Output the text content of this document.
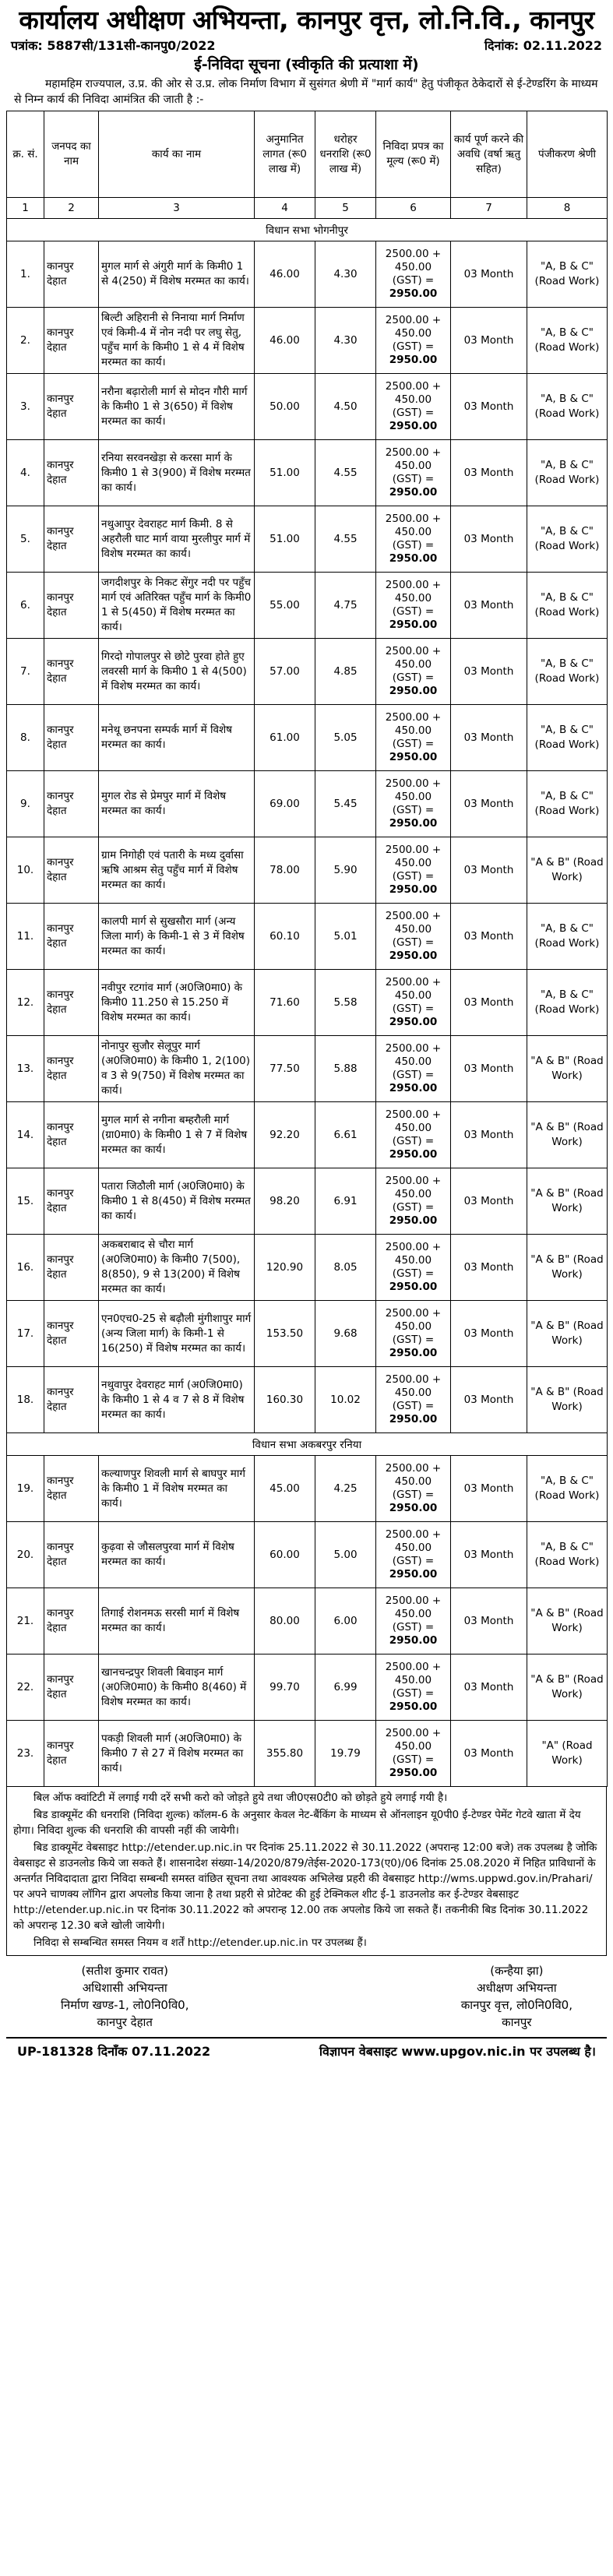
कार्यालय अधीक्षण अभियन्ता, कानपुर वृत्त, लो.नि.वि., कानपुर
पत्रांक: 5887सी/131सी-कानपु0/2022	दिनांक: 02.11.2022
ई-निविदा सूचना (स्वीकृति की प्रत्याशा में)
महामहिम राज्यपाल, उ.प्र. की ओर से उ.प्र. लोक निर्माण विभाग में सुसंगत श्रेणी में "मार्ग कार्य" हेतु पंजीकृत ठेकेदारों से ई-टेण्डरिंग के माध्यम से निम्न कार्य की निविदा आमंत्रित की जाती है :-
क्र. सं.	जनपद का नाम	कार्य का नाम	अनुमानित लागत (रू0 लाख में)	धरोहर धनराशि (रू0 लाख में)	निविदा प्रपत्र का मूल्य (रू0 में)	कार्य पूर्ण करने की अवधि (वर्षा ऋतु सहित)	पंजीकरण श्रेणी
1	2	3	4	5	6	7	8
विधान सभा भोगनीपुर							
1.	कानपुर देहात	मुगल मार्ग से अंगुरी मार्ग के किमी0 1 से 4(250) में विशेष मरम्मत का कार्य।	46.00	4.30	2500.00 +
450.00 (GST) =
2950.00	03 Month	"A, B & C" (Road Work)
2.	कानपुर देहात	बिल्टी अहिरानी से निनाया मार्ग निर्माण एवं किमी-4 में नोन नदी पर लघु सेतु, पहुँच मार्ग के किमी0 1 से 4 में विशेष मरम्मत का कार्य।	46.00	4.30	2500.00 +
450.00 (GST) =
2950.00	03 Month	"A, B & C" (Road Work)
3.	कानपुर देहात	नरौना बढ़ारोली मार्ग से मोदन गौरी मार्ग के किमी0 1 से 3(650) में विशेष मरम्मत का कार्य।	50.00	4.50	2500.00 +
450.00 (GST) =
2950.00	03 Month	"A, B & C" (Road Work)
4.	कानपुर देहात	रनिया सरवनखेड़ा से करसा मार्ग के किमी0 1 से 3(900) में विशेष मरम्मत का कार्य।	51.00	4.55	2500.00 +
450.00 (GST) =
2950.00	03 Month	"A, B & C" (Road Work)
5.	कानपुर देहात	नथुआपुर देवराहट मार्ग किमी. 8 से अहरौली घाट मार्ग वाया मुरलीपुर मार्ग में विशेष मरम्मत का कार्य।	51.00	4.55	2500.00 +
450.00 (GST) =
2950.00	03 Month	"A, B & C" (Road Work)
6.	कानपुर देहात	जगदीशपुर के निकट सेंगुर नदी पर पहुँच मार्ग एवं अतिरिक्त पहुँच मार्ग के किमी0 1 से 5(450) में विशेष मरम्मत का कार्य।	55.00	4.75	2500.00 +
450.00 (GST) =
2950.00	03 Month	"A, B & C" (Road Work)
7.	कानपुर देहात	गिरदो गोपालपुर से छोटे पुरवा होते हुए लवरसी मार्ग के किमी0 1 से 4(500) में विशेष मरम्मत का कार्य।	57.00	4.85	2500.00 +
450.00 (GST) =
2950.00	03 Month	"A, B & C" (Road Work)
8.	कानपुर देहात	मनेथू छनपना सम्पर्क मार्ग में विशेष मरम्मत का कार्य।	61.00	5.05	2500.00 +
450.00 (GST) =
2950.00	03 Month	"A, B & C" (Road Work)
9.	कानपुर देहात	मुगल रोड से प्रेमपुर मार्ग में विशेष मरम्मत का कार्य।	69.00	5.45	2500.00 +
450.00 (GST) =
2950.00	03 Month	"A, B & C" (Road Work)
10.	कानपुर देहात	ग्राम निगोही एवं पतारी के मध्य दुर्वासा ऋषि आश्रम सेतु पहुँच मार्ग में विशेष मरम्मत का कार्य।	78.00	5.90	2500.00 +
450.00 (GST) =
2950.00	03 Month	"A & B" (Road Work)
11.	कानपुर देहात	कालपी मार्ग से सुखसौरा मार्ग (अन्य जिला मार्ग) के किमी-1 से 3 में विशेष मरम्मत का कार्य।	60.10	5.01	2500.00 +
450.00 (GST) =
2950.00	03 Month	"A, B & C" (Road Work)
12.	कानपुर देहात	नवीपुर रटगांव मार्ग (अ0जि0मा0) के किमी0 11.250 से 15.250 में विशेष मरम्मत का कार्य।	71.60	5.58	2500.00 +
450.00 (GST) =
2950.00	03 Month	"A, B & C" (Road Work)
13.	कानपुर देहात	नोनापुर सुजौर सेलूपुर मार्ग (अ0जि0मा0) के किमी0 1, 2(100) व 3 से 9(750) में विशेष मरम्मत का कार्य।	77.50	5.88	2500.00 +
450.00 (GST) =
2950.00	03 Month	"A & B" (Road Work)
14.	कानपुर देहात	मुगल मार्ग से नगीना बम्हरौली मार्ग (ग्रा0मा0) के किमी0 1 से 7 में विशेष मरम्मत का कार्य।	92.20	6.61	2500.00 +
450.00 (GST) =
2950.00	03 Month	"A & B" (Road Work)
15.	कानपुर देहात	पतारा जिठौली मार्ग (अ0जि0मा0) के किमी0 1 से 8(450) में विशेष मरम्मत का कार्य।	98.20	6.91	2500.00 +
450.00 (GST) =
2950.00	03 Month	"A & B" (Road Work)
16.	कानपुर देहात	अकबराबाद से चौरा मार्ग (अ0जि0मा0) के किमी0 7(500), 8(850), 9 से 13(200) में विशेष मरम्मत का कार्य।	120.90	8.05	2500.00 +
450.00 (GST) =
2950.00	03 Month	"A & B" (Road Work)
17.	कानपुर देहात	एन0एच0-25 से बढ़ौली मुंगीशापुर मार्ग (अन्य जिला मार्ग) के किमी-1 से 16(250) में विशेष मरम्मत का कार्य।	153.50	9.68	2500.00 +
450.00 (GST) =
2950.00	03 Month	"A & B" (Road Work)
18.	कानपुर देहात	नथुवापुर देवराहट मार्ग (अ0जि0मा0) के किमी0 1 से 4 व 7 से 8 में विशेष मरम्मत का कार्य।	160.30	10.02	2500.00 +
450.00 (GST) =
2950.00	03 Month	"A & B" (Road Work)
विधान सभा अकबरपुर रनिया							
19.	कानपुर देहात	कल्याणपुर शिवली मार्ग से बाघपुर मार्ग के किमी0 1 में विशेष मरम्मत का कार्य।	45.00	4.25	2500.00 +
450.00 (GST) =
2950.00	03 Month	"A, B & C" (Road Work)
20.	कानपुर देहात	कुढ़वा से जौसलपुरवा मार्ग में विशेष मरम्मत का कार्य।	60.00	5.00	2500.00 +
450.00 (GST) =
2950.00	03 Month	"A, B & C" (Road Work)
21.	कानपुर देहात	तिगाई रोशनमऊ सरसी मार्ग में विशेष मरम्मत का कार्य।	80.00	6.00	2500.00 +
450.00 (GST) =
2950.00	03 Month	"A & B" (Road Work)
22.	कानपुर देहात	खानचन्द्रपुर शिवली बिवाइन मार्ग (अ0जि0मा0) के किमी0 8(460) में विशेष मरम्मत का कार्य।	99.70	6.99	2500.00 +
450.00 (GST) =
2950.00	03 Month	"A & B" (Road Work)
23.	कानपुर देहात	पकड़ी शिवली मार्ग (अ0जि0मा0) के किमी0 7 से 27 में विशेष मरम्मत का कार्य।	355.80	19.79	2500.00 +
450.00 (GST) =
2950.00	03 Month	"A" (Road Work)

बिल ऑफ क्वांटिटी में लगाई गयी दरें सभी करो को जोड़ते हुये तथा जी0एस0टी0 को छोड़ते हुये लगाई गयी है।

बिड डाक्यूमेंट की धनराशि (निविदा शुल्क) कॉलम-6 के अनुसार केवल नेट-बैंकिंग के माध्यम से ऑनलाइन यू0पी0 ई-टेण्डर पेमेंट गेटवे खाता में देय होगा। निविदा शुल्क की धनराशि की वापसी नहीं की जायेगी।

बिड डाक्यूमेंट वेबसाइट http://etender.up.nic.in पर दिनांक 25.11.2022 से 30.11.2022 (अपरान्ह 12:00 बजे) तक उपलब्ध है जोकि वेबसाइट से डाउनलोड किये जा सकते हैं। शासनादेश संख्या-14/2020/879/तेईस-2020-173(ए0)/06 दिनांक 25.08.2020 में निहित प्राविधानों के अन्तर्गत निविदादाता द्वारा निविदा सम्बन्धी समस्त वांछित सूचना तथा आवश्यक अभिलेख प्रहरी की वेबसाइट http://wms.uppwd.gov.in/Prahari/ पर अपने चाणक्य लॉगिन द्वारा अपलोड किया जाना है तथा प्रहरी से प्रोटेक्ट की हुई टेक्निकल शीट ई-1 डाउनलोड कर ई-टेण्डर वेबसाइट http://etender.up.nic.in पर दिनांक 30.11.2022 को अपरान्ह 12.00 तक अपलोड किये जा सकते हैं। तकनीकी बिड दिनांक 30.11.2022 को अपरान्ह 12.30 बजे खोली जायेगी।

निविदा से सम्बन्धित समस्त नियम व शर्तें http://etender.up.nic.in पर उपलब्ध हैं।

(सतीश कुमार रावत)
अधिशासी अभियन्ता
निर्माण खण्ड-1, लो0नि0वि0,
कानपुर देहात
(कन्हैया झा)
अधीक्षण अभियन्ता
कानपुर वृत्त, लो0नि0वि0,
कानपुर
UP-181328 दिनाँक 07.11.2022	विज्ञापन वेबसाइट www.upgov.nic.in पर उपलब्ध है।
